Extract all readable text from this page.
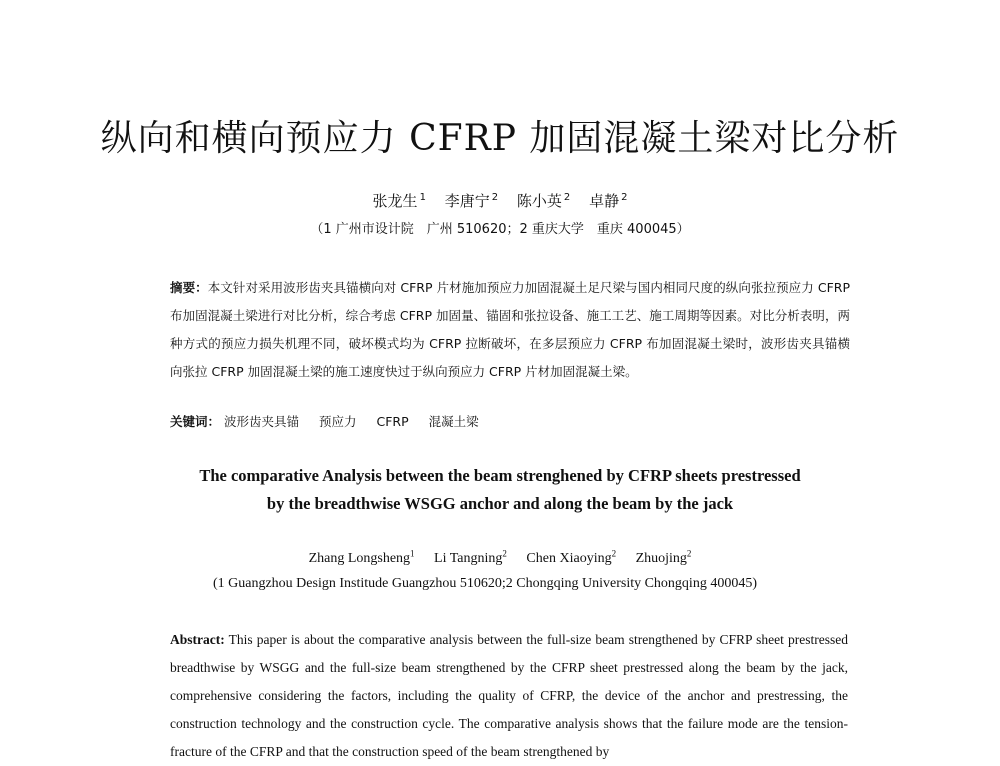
纵向和横向预应力 CFRP 加固混凝土梁对比分析
张龙生 $^1$ 李唐宁 $^2$ 陈小英 $^2$ 卓静 $^2$
（1 广州市设计院　广州 510620；2 重庆大学　重庆 400045）
摘要：本文针对采用波形齿夹具锚横向对 CFRP 片材施加预应力加固混凝土足尺梁与国内相同尺度的纵向张拉预应力 CFRP 布加固混凝土梁进行对比分析，综合考虑 CFRP 加固量、锚固和张拉设备、施工工艺、施工周期等因素。对比分析表明，两种方式的预应力损失机理不同，破坏模式均为 CFRP 拉断破坏，在多层预应力 CFRP 布加固混凝土梁时，波形齿夹具锚横向张拉 CFRP 加固混凝土梁的施工速度快过于纵向预应力 CFRP 片材加固混凝土梁。
关键词： 波形齿夹具锚 预应力 CFRP 混凝土梁
The comparative Analysis between the beam strenghened by CFRP sheets prestressed
by the breadthwise WSGG anchor and along the beam by the jack
Zhang Longsheng$^1$ Li Tangning$^2$ Chen Xiaoying$^2$ Zhuojing$^2$
(1 Guangzhou Design Institude Guangzhou 510620;2 Chongqing University Chongqing 400045)
Abstract: This paper is about the comparative analysis between the full-size beam strengthened by CFRP sheet prestressed breadthwise by WSGG and the full-size beam strengthened by the CFRP sheet prestressed along the beam by the jack, comprehensive considering the factors, including the quality of CFRP, the device of the anchor and prestressing, the construction technology and the construction cycle. The comparative analysis shows that the failure mode are the tension-fracture of the CFRP and that the construction speed of the beam strengthened by
